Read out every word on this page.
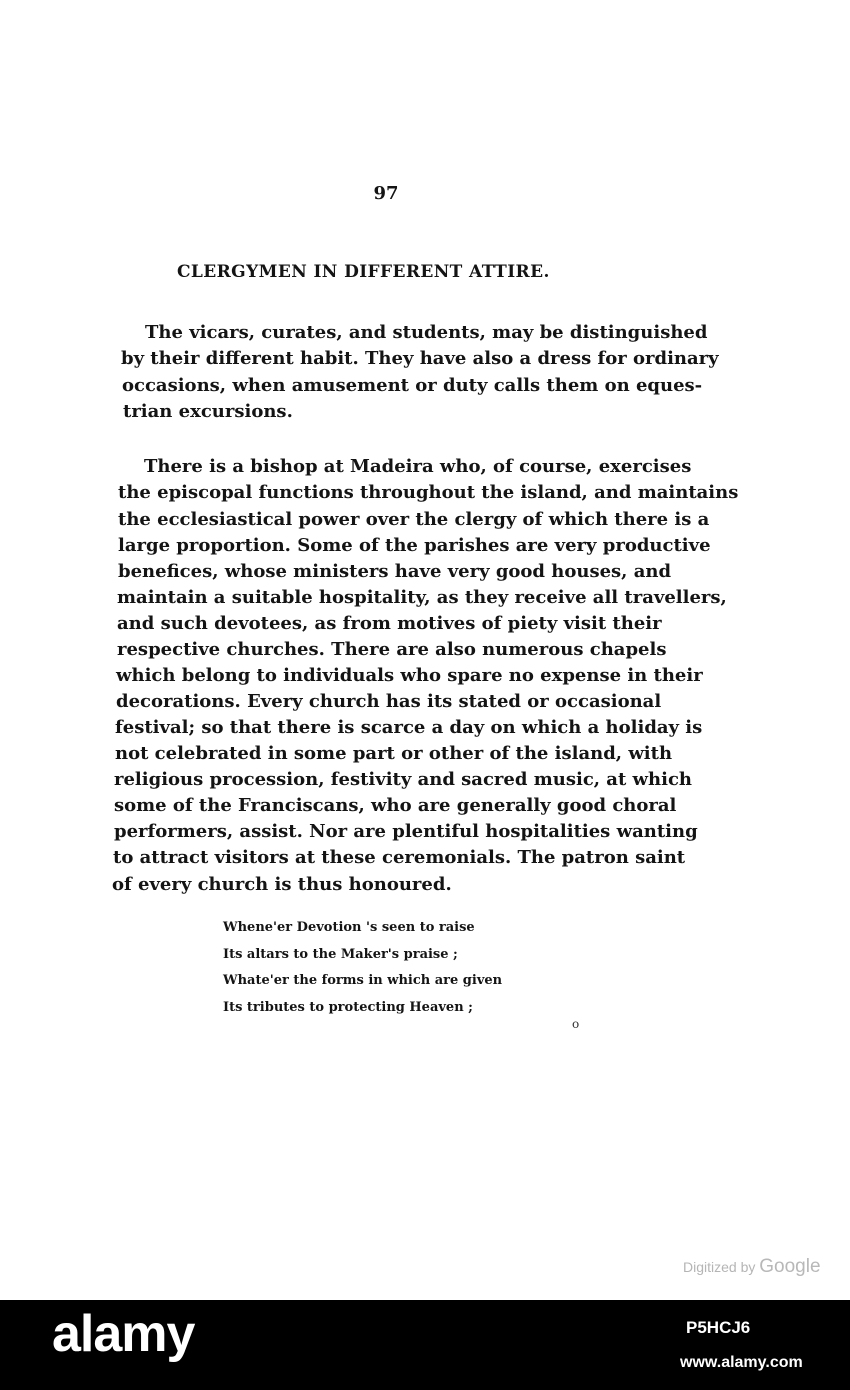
97
CLERGYMEN IN DIFFERENT ATTIRE.
The vicars, curates, and students, may be distinguished
by their different habit. They have also a dress for ordinary
occasions, when amusement or duty calls them on eques-
trian excursions.
There is a bishop at Madeira who, of course, exercises
the episcopal functions throughout the island, and maintains
the ecclesiastical power over the clergy of which there is a
large proportion. Some of the parishes are very productive
benefices, whose ministers have very good houses, and
maintain a suitable hospitality, as they receive all travellers,
and such devotees, as from motives of piety visit their
respective churches. There are also numerous chapels
which belong to individuals who spare no expense in their
decorations. Every church has its stated or occasional
festival; so that there is scarce a day on which a holiday is
not celebrated in some part or other of the island, with
religious procession, festivity and sacred music, at which
some of the Franciscans, who are generally good choral
performers, assist. Nor are plentiful hospitalities wanting
to attract visitors at these ceremonials. The patron saint
of every church is thus honoured.
Whene'er Devotion 's seen to raise
Its altars to the Maker's praise ;
Whate'er the forms in which are given
Its tributes to protecting Heaven ;
o
Digitized by Google
alamy	P5HCJ6
www.alamy.com
